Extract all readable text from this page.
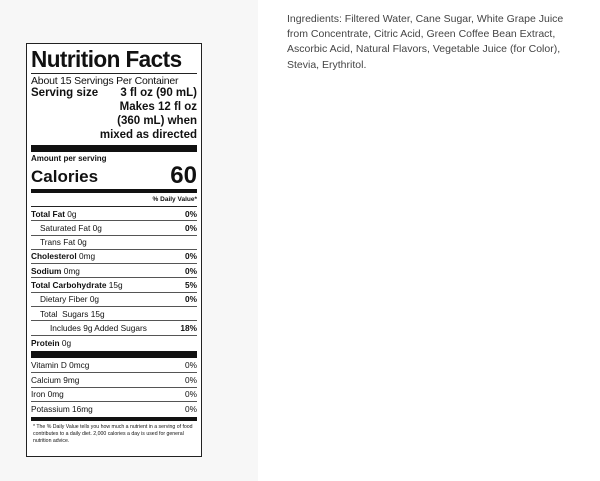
Nutrition Facts
About 15 Servings Per Container
Serving size 3 fl oz (90 mL)
Makes 12 fl oz
(360 mL) when
mixed as directed
Amount per serving
Calories	60
% Daily Value*
Total Fat 0g	0%
Saturated Fat 0g	0%
Trans Fat 0g
Cholesterol 0mg	0%
Sodium 0mg	0%
Total Carbohydrate 15g	5%
Dietary Fiber 0g	0%
Total  Sugars 15g
Includes 9g Added Sugars	18%
Protein 0g
Vitamin D 0mcg	0%
Calcium 9mg	0%
Iron 0mg	0%
Potassium 16mg	0%
* The % Daily Value tells you how much a nutrient in a serving of food contributes to a daily diet. 2,000 calories a day is used for general nutrition advice.
Ingredients: Filtered Water, Cane Sugar, White Grape Juice from Concentrate, Citric Acid, Green Coffee Bean Extract, Ascorbic Acid, Natural Flavors, Vegetable Juice (for Color), Stevia, Erythritol.
